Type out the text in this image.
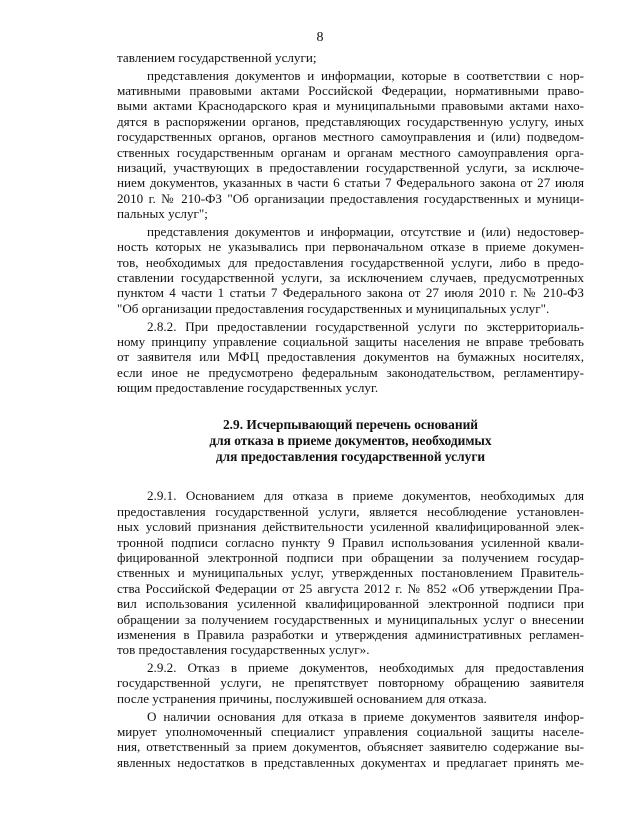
8
тавлением государственной услуги;
представления документов и информации, которые в соответствии с нор-
мативными правовыми актами Российской Федерации, нормативными право-
выми актами Краснодарского края и муниципальными правовыми актами нахо-
дятся в распоряжении органов, представляющих государственную услугу, иных
государственных органов, органов местного самоуправления и (или) подведом-
ственных государственным органам и органам местного самоуправления орга-
низаций, участвующих в предоставлении государственной услуги, за исключе-
нием документов, указанных в части 6 статьи 7 Федерального закона от 27 июля
2010 г. № 210-ФЗ "Об организации предоставления государственных и муници-
пальных услуг";
представления документов и информации, отсутствие и (или) недостовер-
ность которых не указывались при первоначальном отказе в приеме докумен-
тов, необходимых для предоставления государственной услуги, либо в предо-
ставлении государственной услуги, за исключением случаев, предусмотренных
пунктом 4 части 1 статьи 7 Федерального закона от 27 июля 2010 г. № 210-ФЗ
"Об организации предоставления государственных и муниципальных услуг".
2.8.2. При предоставлении государственной услуги по экстерриториаль-
ному принципу управление социальной защиты населения не вправе требовать
от заявителя или МФЦ предоставления документов на бумажных носителях,
если иное не предусмотрено федеральным законодательством, регламентиру-
ющим предоставление государственных услуг.
2.9. Исчерпывающий перечень оснований
для отказа в приеме документов, необходимых
для предоставления государственной услуги
2.9.1. Основанием для отказа в приеме документов, необходимых для
предоставления государственной услуги, является несоблюдение установлен-
ных условий признания действительности усиленной квалифицированной элек-
тронной подписи согласно пункту 9 Правил использования усиленной квали-
фицированной электронной подписи при обращении за получением государ-
ственных и муниципальных услуг, утвержденных постановлением Правитель-
ства Российской Федерации от 25 августа 2012 г. № 852 «Об утверждении Пра-
вил использования усиленной квалифицированной электронной подписи при
обращении за получением государственных и муниципальных услуг о внесении
изменения в Правила разработки и утверждения административных регламен-
тов предоставления государственных услуг».
2.9.2. Отказ в приеме документов, необходимых для предоставления
государственной услуги, не препятствует повторному обращению заявителя
после устранения причины, послужившей основанием для отказа.
О наличии основания для отказа в приеме документов заявителя инфор-
мирует уполномоченный специалист управления социальной защиты населе-
ния, ответственный за прием документов, объясняет заявителю содержание вы-
явленных недостатков в представленных документах и предлагает принять ме-
